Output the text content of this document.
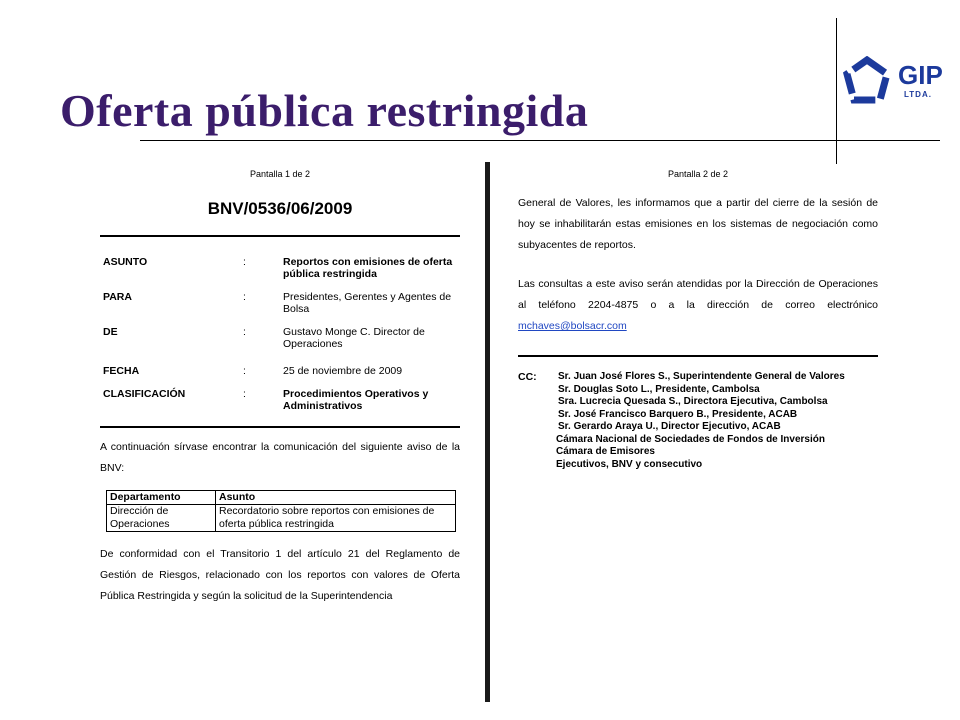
Oferta pública restringida
GIP
LTDA.
Pantalla 1 de 2
BNV/0536/06/2009
ASUNTO	:	Reportos con emisiones de oferta pública restringida
PARA	:	Presidentes, Gerentes y Agentes de Bolsa
DE	:	Gustavo Monge C. Director de Operaciones
FECHA	:	25 de noviembre de 2009
CLASIFICACIÓN	:	Procedimientos Operativos y Administrativos
A continuación sírvase encontrar la comunicación del siguiente aviso de la BNV:
Departamento	Asunto
Dirección de Operaciones	Recordatorio sobre reportos con emisiones de oferta pública restringida
De conformidad con el Transitorio 1 del artículo 21 del Reglamento de Gestión de Riesgos, relacionado con los reportos con valores de Oferta Pública Restringida y según la solicitud de la Superintendencia
Pantalla 2 de 2
General de Valores, les informamos que a partir del cierre de la sesión de hoy se inhabilitarán estas emisiones en los sistemas de negociación como subyacentes de reportos.
Las consultas a este aviso serán atendidas por la Dirección de Operaciones al teléfono 2204-4875 o a la dirección de correo electrónico mchaves@bolsacr.com
CC:	Sr. Juan José Flores S., Superintendente General de Valores
Sr. Douglas Soto L., Presidente, Cambolsa
Sra. Lucrecia Quesada S., Directora Ejecutiva, Cambolsa
Sr. José Francisco Barquero B., Presidente, ACAB
Sr. Gerardo Araya U., Director Ejecutivo, ACAB
Cámara Nacional de Sociedades de Fondos de Inversión
Cámara de Emisores
Ejecutivos, BNV y consecutivo
